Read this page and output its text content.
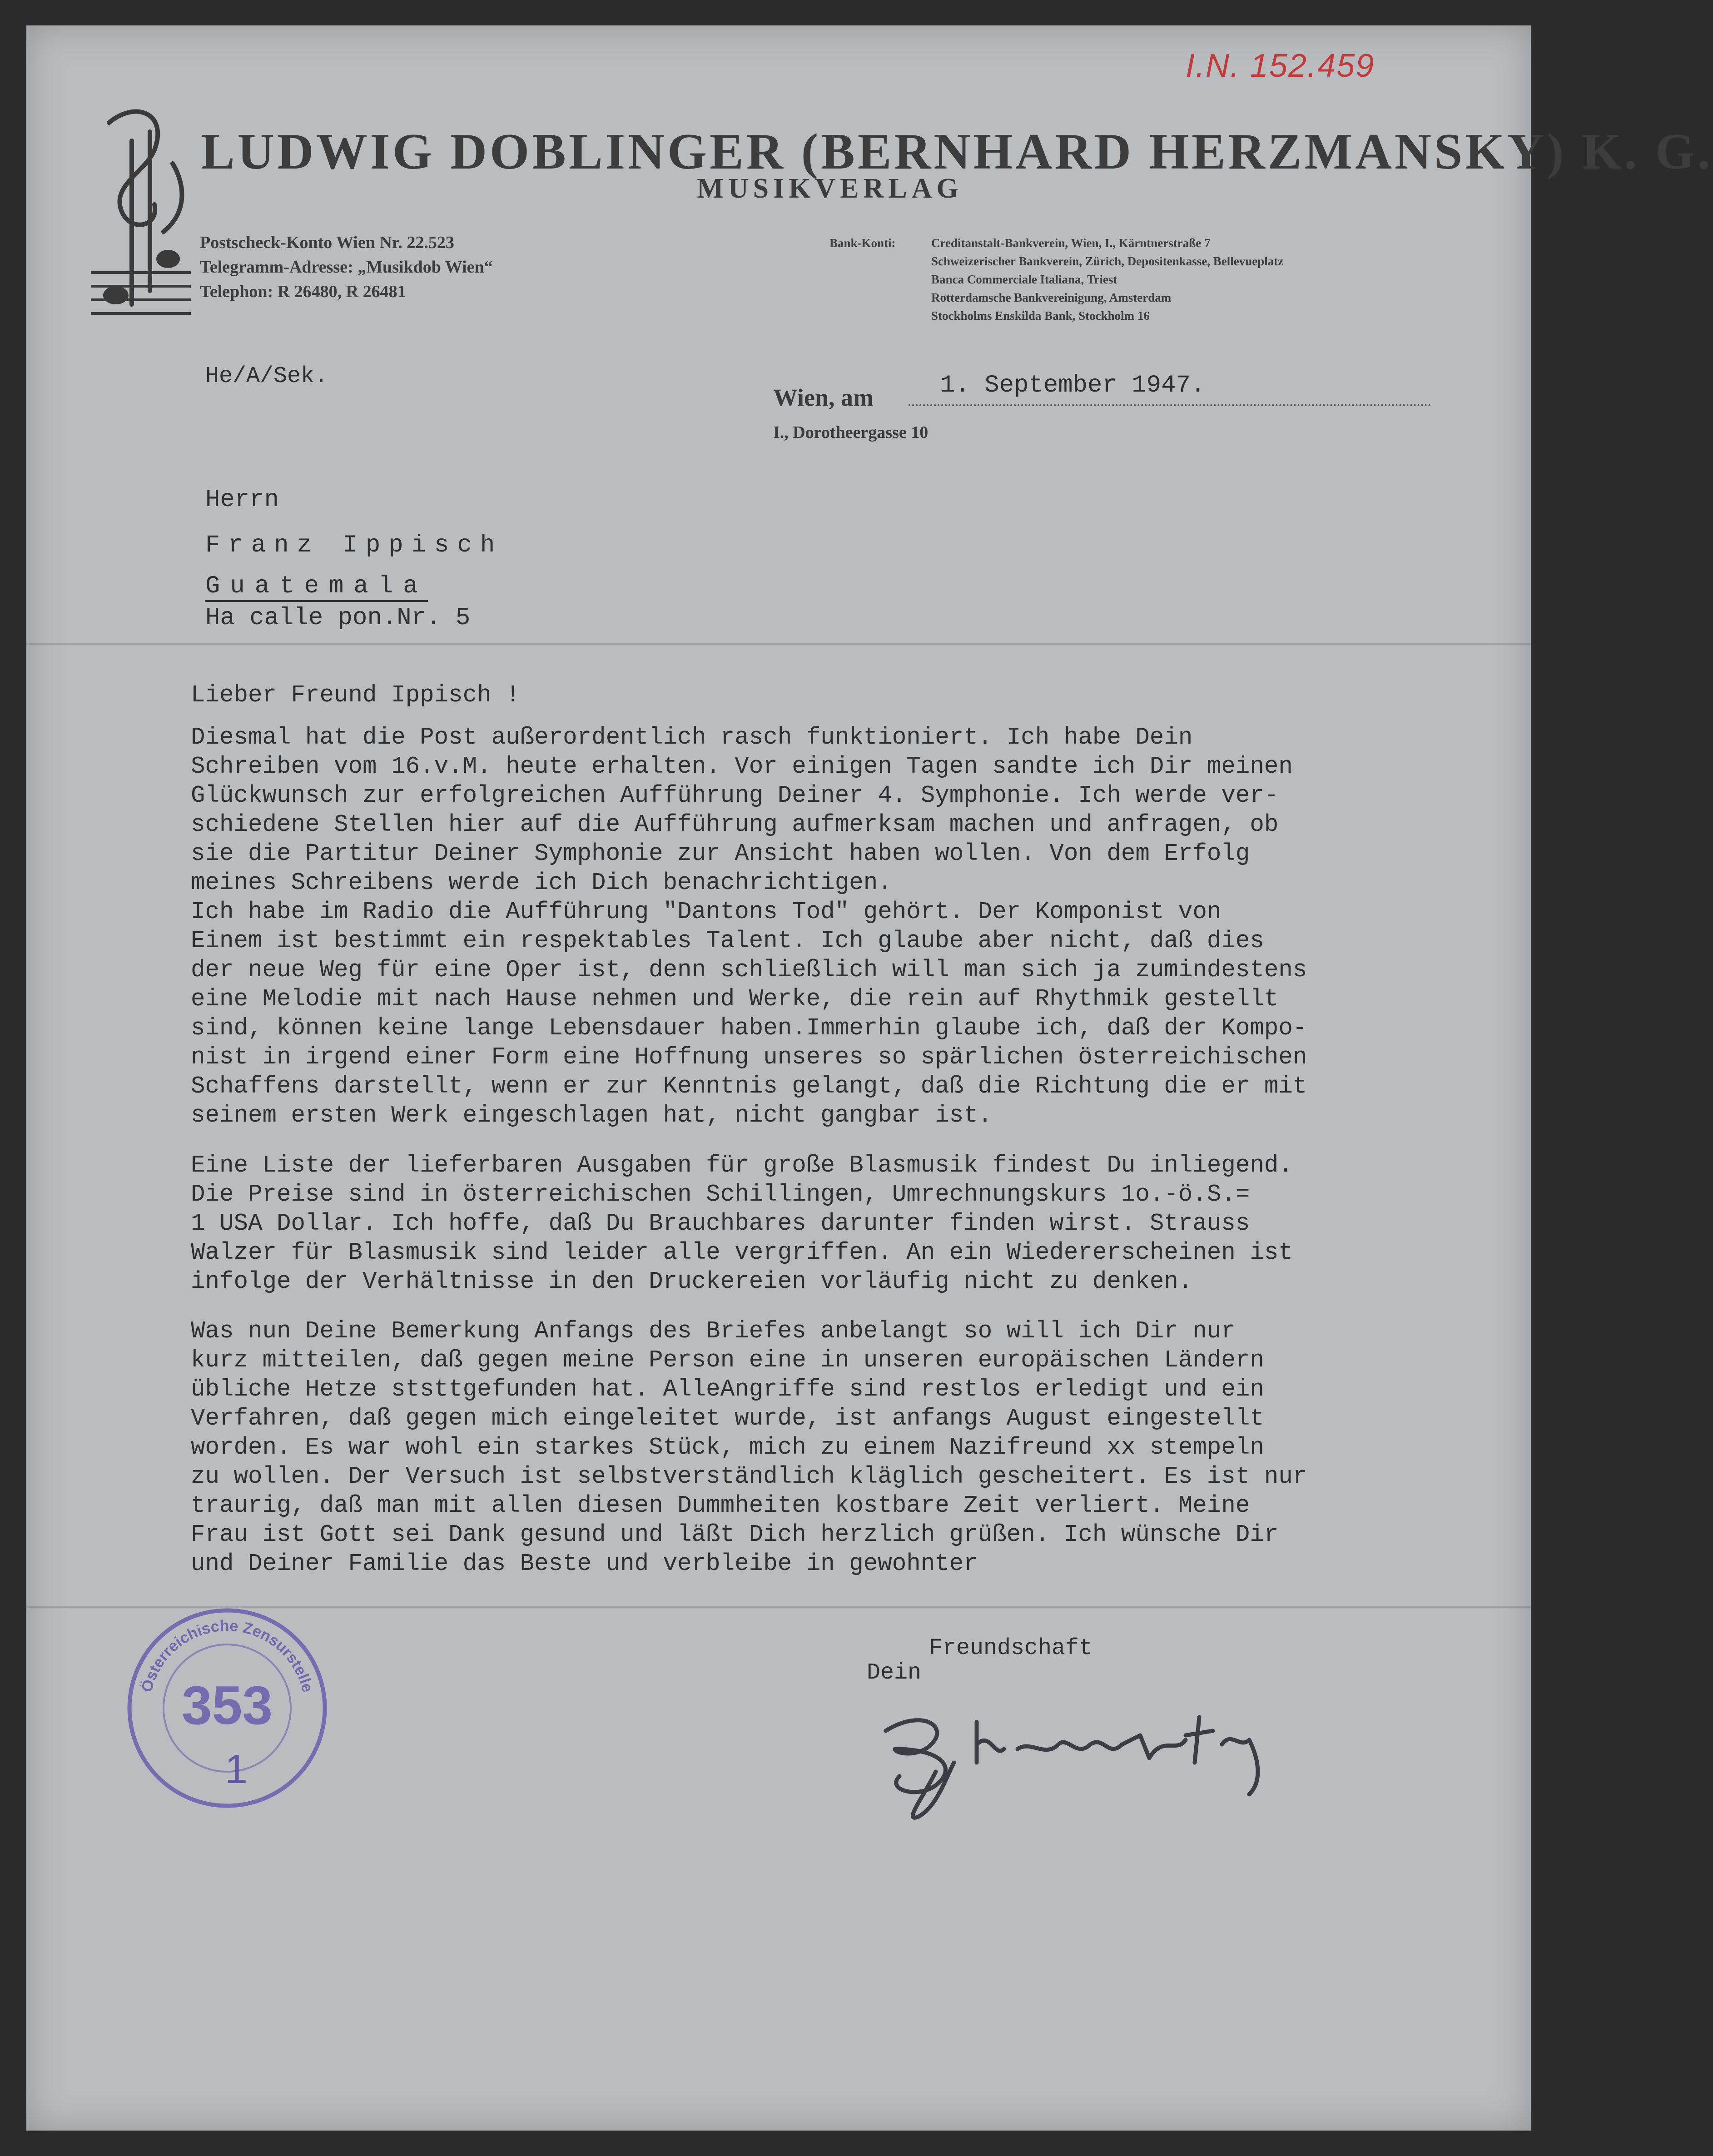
I.N. 152.459
LUDWIG DOBLINGER (BERNHARD HERZMANSKY) K. G.
MUSIKVERLAG
Postscheck-Konto Wien Nr. 22.523
Telegramm-Adresse: „Musikdob Wien“
Telephon: R 26480, R 26481
Bank-Konti:	Creditanstalt-Bankverein, Wien, I., Kärntnerstraße 7
Schweizerischer Bankverein, Zürich, Depositenkasse, Bellevueplatz
Banca Commerciale Italiana, Triest
Rotterdamsche Bankvereinigung, Amsterdam
Stockholms Enskilda Bank, Stockholm 16
He/A/Sek.
Wien, am	1. September 1947.
I., Dorotheergasse 10
Herrn
Franz Ippisch
Guatemala
Ha calle pon.Nr. 5
Lieber Freund Ippisch !
Diesmal hat die Post außerordentlich rasch funktioniert. Ich habe Dein
Schreiben vom 16.v.M. heute erhalten. Vor einigen Tagen sandte ich Dir meinen
Glückwunsch zur erfolgreichen Aufführung Deiner 4. Symphonie. Ich werde ver-
schiedene Stellen hier auf die Aufführung aufmerksam machen und anfragen, ob
sie die Partitur Deiner Symphonie zur Ansicht haben wollen. Von dem Erfolg
meines Schreibens werde ich Dich benachrichtigen.
Ich habe im Radio die Aufführung "Dantons Tod" gehört. Der Komponist von
Einem ist bestimmt ein respektables Talent. Ich glaube aber nicht, daß dies
der neue Weg für eine Oper ist, denn schließlich will man sich ja zumindestens
eine Melodie mit nach Hause nehmen und Werke, die rein auf Rhythmik gestellt
sind, können keine lange Lebensdauer haben.Immerhin glaube ich, daß der Kompo-
nist in irgend einer Form eine Hoffnung unseres so spärlichen österreichischen
Schaffens darstellt, wenn er zur Kenntnis gelangt, daß die Richtung die er mit
seinem ersten Werk eingeschlagen hat, nicht gangbar ist.
Eine Liste der lieferbaren Ausgaben für große Blasmusik findest Du inliegend.
Die Preise sind in österreichischen Schillingen, Umrechnungskurs 1o.-ö.S.=
1 USA Dollar. Ich hoffe, daß Du Brauchbares darunter finden wirst. Strauss
Walzer für Blasmusik sind leider alle vergriffen. An ein Wiedererscheinen ist
infolge der Verhältnisse in den Druckereien vorläufig nicht zu denken.
Was nun Deine Bemerkung Anfangs des Briefes anbelangt so will ich Dir nur
kurz mitteilen, daß gegen meine Person eine in unseren europäischen Ländern
übliche Hetze ststtgefunden hat. AlleAngriffe sind restlos erledigt und ein
Verfahren, daß gegen mich eingeleitet wurde, ist anfangs August eingestellt
worden. Es war wohl ein starkes Stück, mich zu einem Nazifreund xx stempeln
zu wollen. Der Versuch ist selbstverständlich kläglich gescheitert. Es ist nur
traurig, daß man mit allen diesen Dummheiten kostbare Zeit verliert. Meine
Frau ist Gott sei Dank gesund und läßt Dich herzlich grüßen. Ich wünsche Dir
und Deiner Familie das Beste und verbleibe in gewohnter
Freundschaft
Dein
Österreichische Zensurstelle
353
1
